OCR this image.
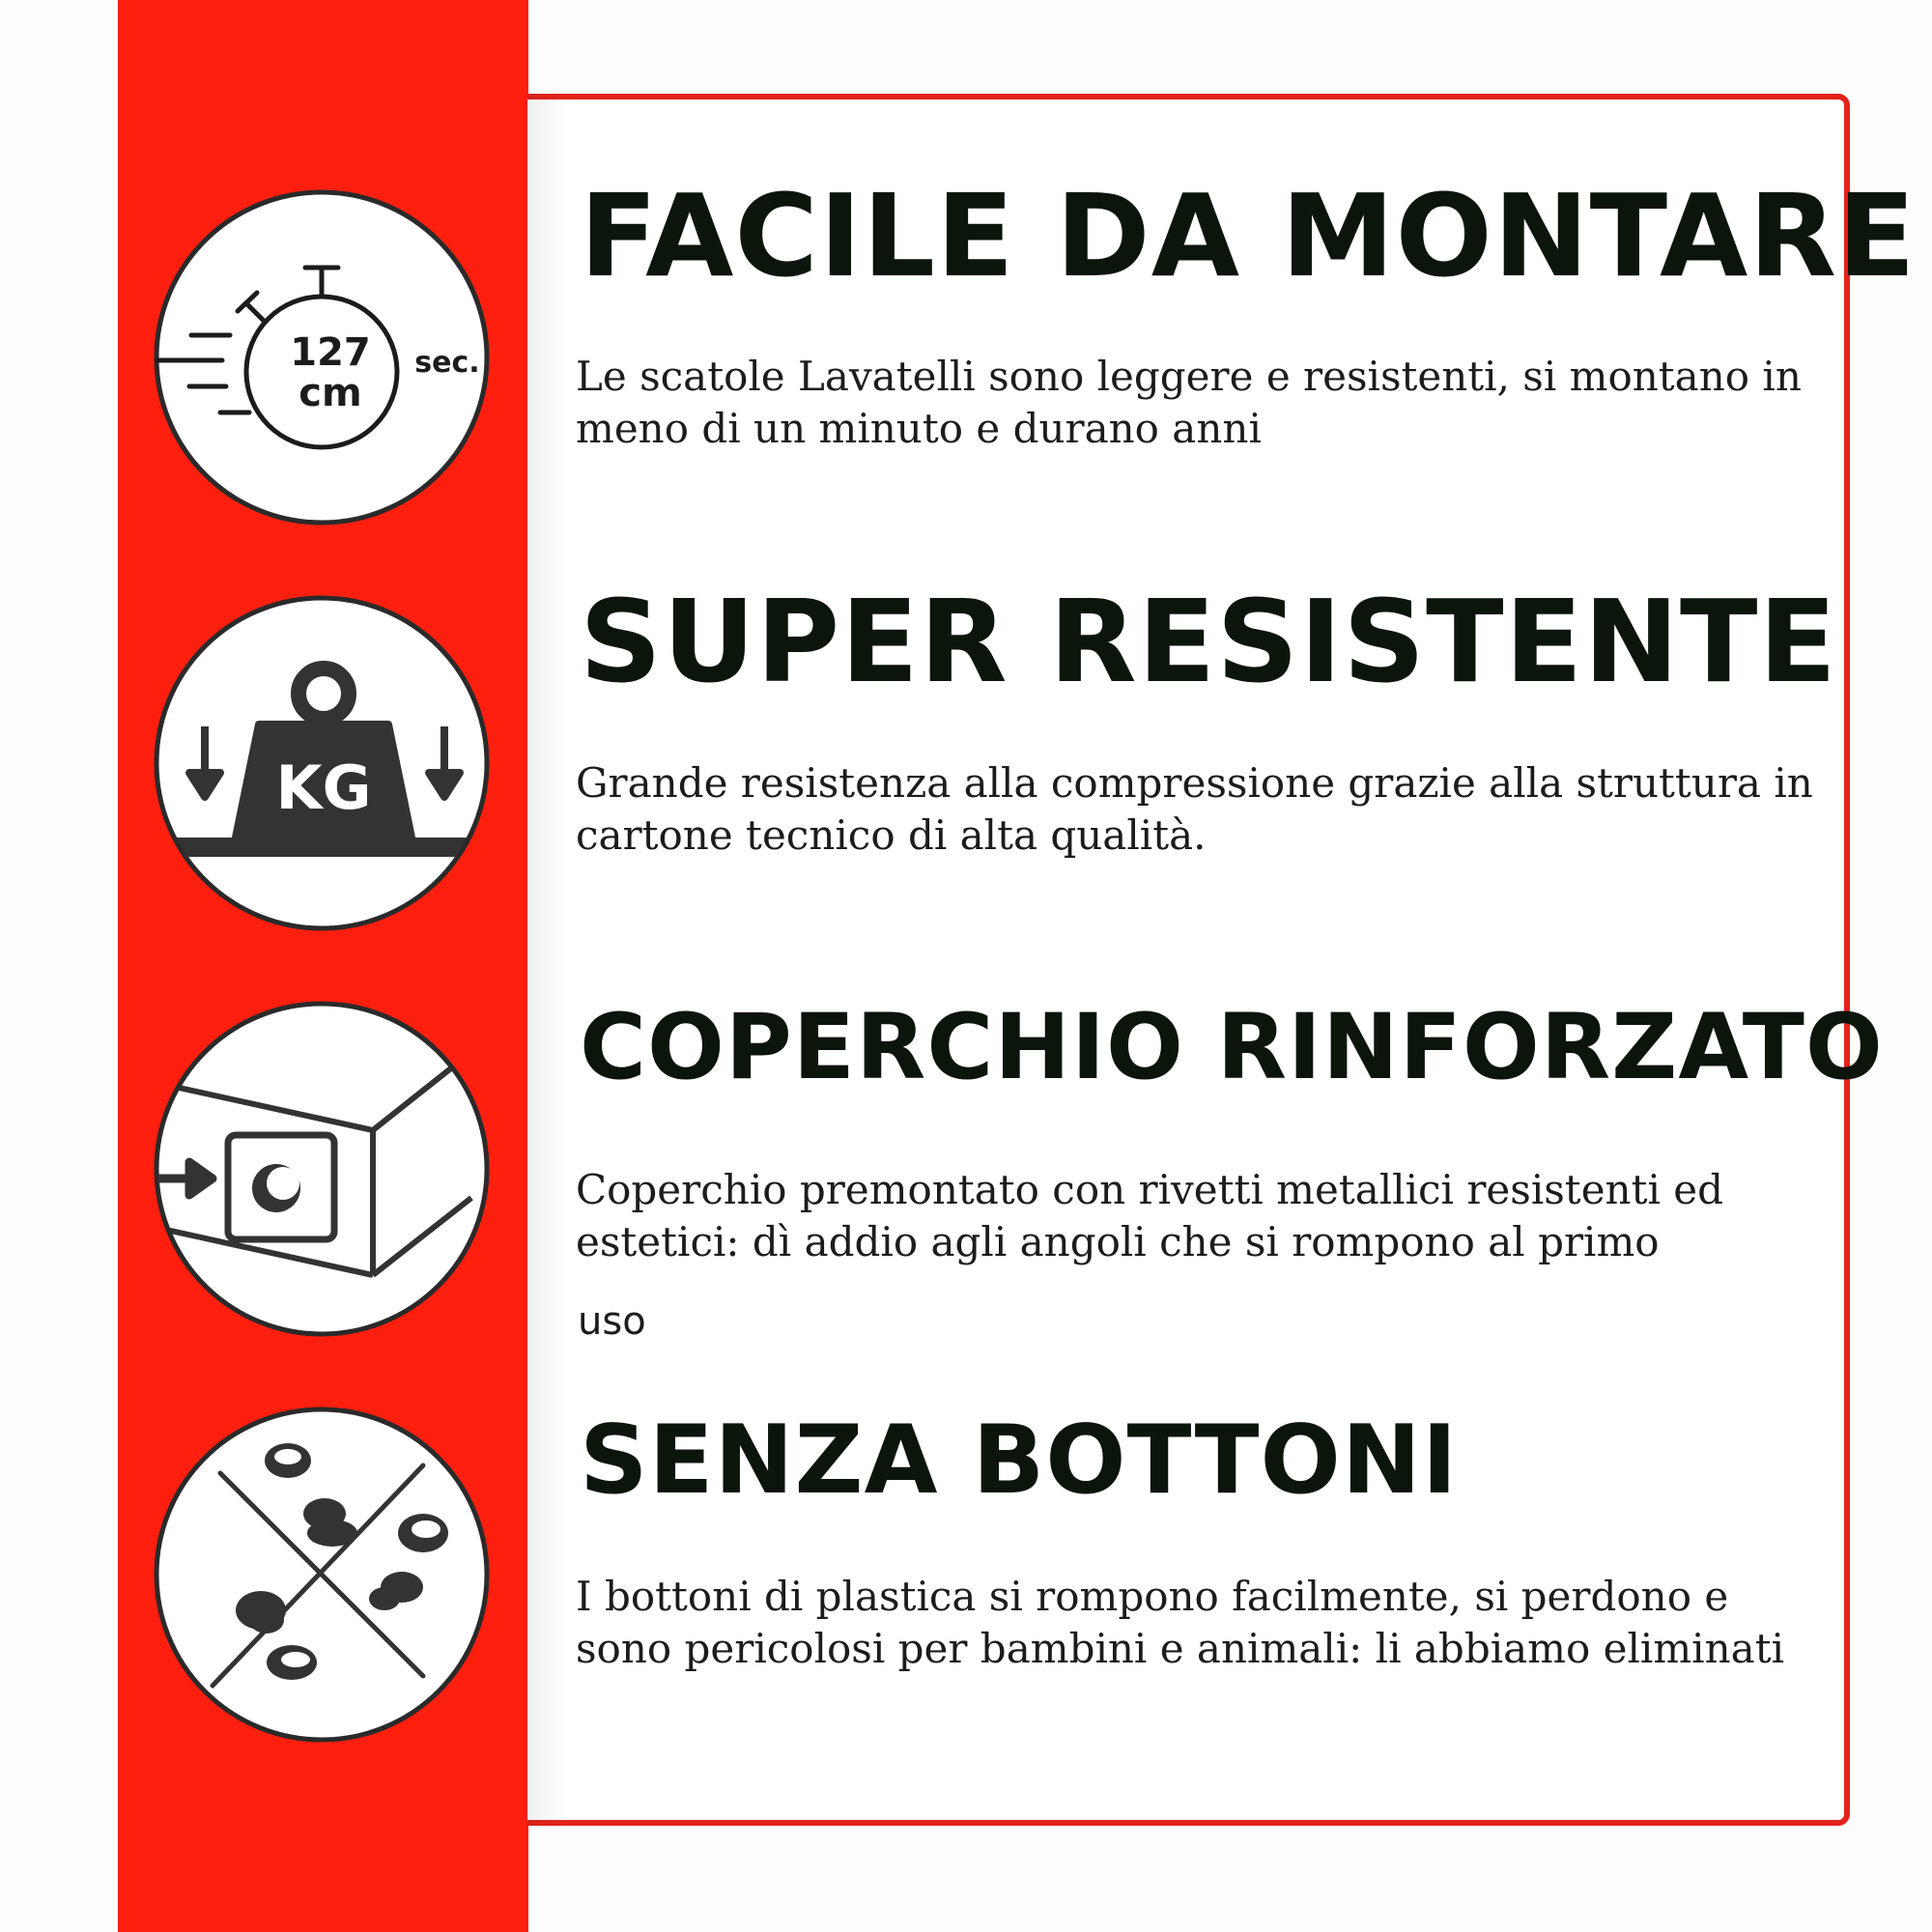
127
cm
sec.
KG
FACILE DA MONTARE

Le scatole Lavatelli sono leggere e resistenti, si montano in meno di un minuto e durano anni

SUPER RESISTENTE

Grande resistenza alla compressione grazie alla struttura in cartone tecnico di alta qualità.

COPERCHIO RINFORZATO

Coperchio premontato con rivetti metallici resistenti ed estetici: dì addio agli angoli che si rompono al primo

uso

SENZA BOTTONI

I bottoni di plastica si rompono facilmente, si perdono e sono pericolosi per bambini e animali: li abbiamo eliminati
